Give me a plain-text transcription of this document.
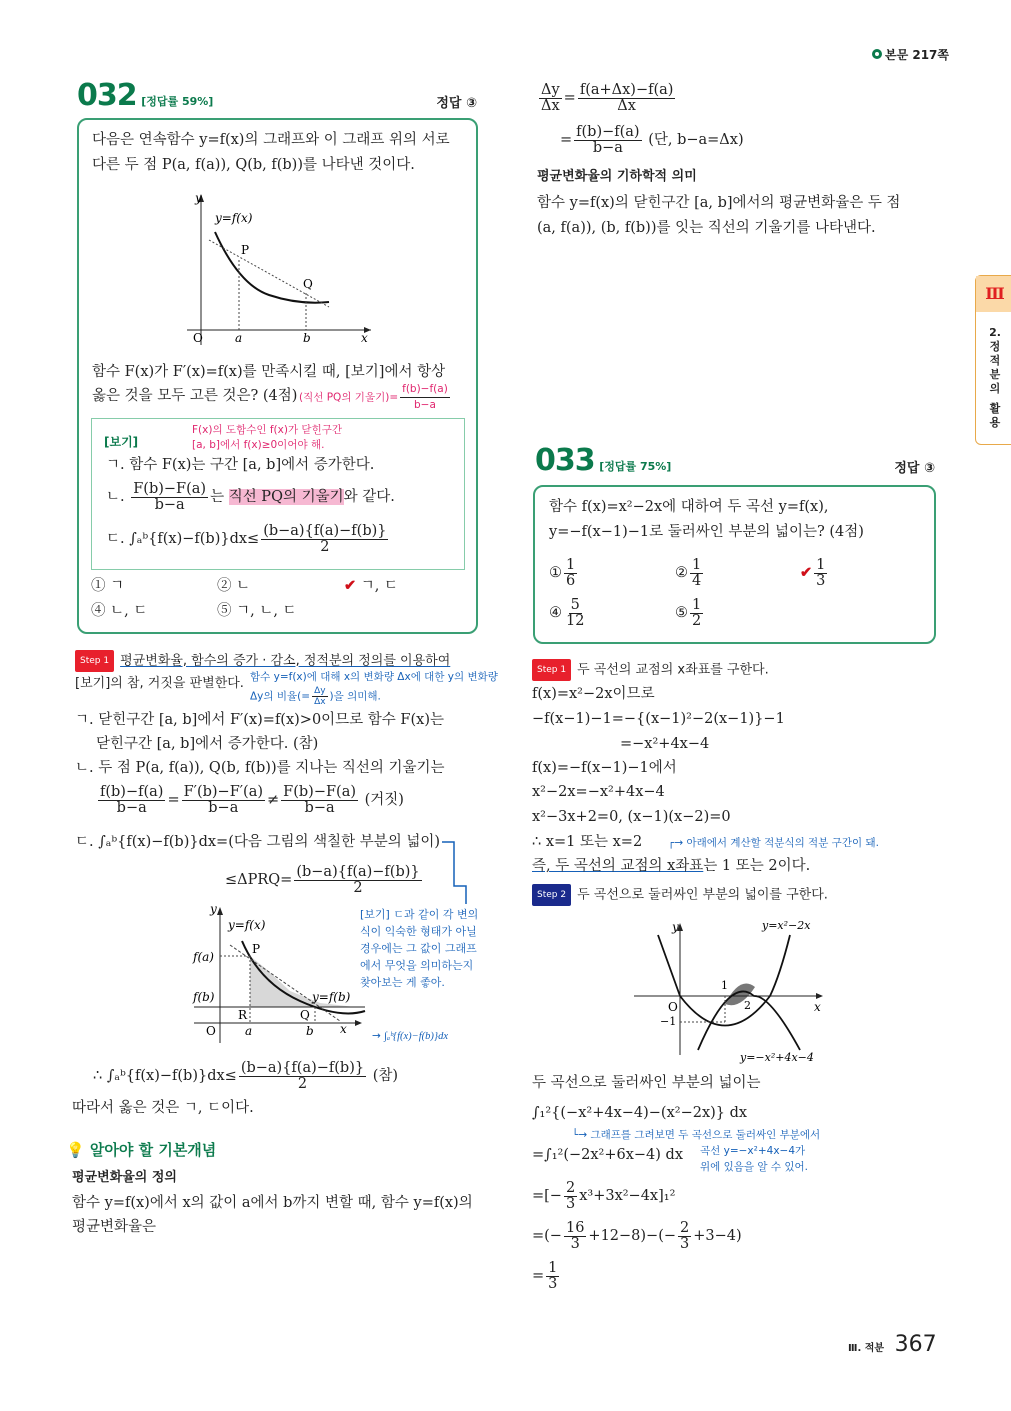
본문 217쪽
Ⅲ
2.
정
적
분
의
활
용
032 [정답률 59%]	정답 ③
다음은 연속함수 y=f(x)의 그래프와 이 그래프 위의 서로
다른 두 점 P(a, f(a)), Q(b, f(b))를 나타낸 것이다.
y
x
O	a	b
y=f(x)
P
Q
함수 F(x)가 F′(x)=f(x)를 만족시킬 때, [보기]에서 항상
옳은 것을 모두 고른 것은? (4점) (직선 PQ의 기울기)= $\frac{f(b)-f(a)}{b-a}$
[보기]
F(x)의 도함수인 f(x)가 닫힌구간
[a, b]에서 f(x)≥0이어야 해.
ㄱ. 함수 F(x)는 구간 [a, b]에서 증가한다.
ㄴ. $\frac{F(b)-F(a)}{b-a}$ 는 직선 PQ의 기울기와 같다.
ㄷ. ∫ₐᵇ{f(x)−f(b)}dx≤ $\frac{(b-a)\{f(a)-f(b)\}}{2}$
① ㄱ	② ㄴ	✔ ㄱ, ㄷ
④ ㄴ, ㄷ	⑤ ㄱ, ㄴ, ㄷ
Step 1 평균변화율, 함수의 증가 · 감소, 정적분의 정의를 이용하여
[보기]의 참, 거짓을 판별한다. 함수 y=f(x)에 대해 x의 변화량 Δx에 대한 y의 변화량
Δy의 비율(= $\frac{\Delta y}{\Delta x}$ )을 의미해.
ㄱ. 닫힌구간 [a, b]에서 F′(x)=f(x)>0이므로 함수 F(x)는
닫힌구간 [a, b]에서 증가한다. (참)
ㄴ. 두 점 P(a, f(a)), Q(b, f(b))를 지나는 직선의 기울기는
$\frac{f(b)-f(a)}{b-a} = \frac{F'(b)-F'(a)}{b-a} \ne \frac{F(b)-F(a)}{b-a}$ (거짓)
ㄷ. ∫ₐᵇ{f(x)−f(b)}dx=(다음 그림의 색칠한 부분의 넓이)
$\le\Delta PRQ= \frac{(b-a)\{f(a)-f(b)\}}{2}$
y
x
O a	b
f(a)
f(b)
y=f(x)
y=f(b)
P
Q
R
[보기] ㄷ과 같이 각 변의
식이 익숙한 형태가 아닐
경우에는 그 값이 그래프
에서 무엇을 의미하는지
찾아보는 게 좋아.
→ ∫ₐᵇ{f(x)−f(b)}dx
∴ ∫ₐᵇ{f(x)−f(b)}dx≤ $\frac{(b-a)\{f(a)-f(b)\}}{2}$ (참)
따라서 옳은 것은 ㄱ, ㄷ이다.
💡 알아야 할 기본개념
평균변화율의 정의
함수 y=f(x)에서 x의 값이 a에서 b까지 변할 때, 함수 y=f(x)의
평균변화율은
$\frac{\Delta y}{\Delta x} = \frac{f(a+\Delta x)-f(a)}{\Delta x}$
= $\frac{f(b)-f(a)}{b-a}$ (단, b−a=Δx)
평균변화율의 기하학적 의미
함수 y=f(x)의 닫힌구간 [a, b]에서의 평균변화율은 두 점
(a, f(a)), (b, f(b))를 잇는 직선의 기울기를 나타낸다.
033 [정답률 75%]	정답 ③
함수 f(x)=x²−2x에 대하여 두 곡선 y=f(x),
y=−f(x−1)−1로 둘러싸인 부분의 넓이는? (4점)
① $\frac{1}{6}$	② $\frac{1}{4}$	✔ $\frac{1}{3}$
④ $\frac{5}{12}$	⑤ $\frac{1}{2}$
Step 1 두 곡선의 교점의 x좌표를 구한다.
f(x)=x²−2x이므로
−f(x−1)−1=−{(x−1)²−2(x−1)}−1
=−x²+4x−4
f(x)=−f(x−1)−1에서
x²−2x=−x²+4x−4
x²−3x+2=0, (x−1)(x−2)=0
∴ x=1 또는 x=2 ┌→ 아래에서 계산할 적분식의 적분 구간이 돼.
즉, 두 곡선의 교점의 x좌표는 1 또는 2이다.
Step 2 두 곡선으로 둘러싸인 부분의 넓이를 구한다.
y
x
O
1
2
−1
y=x²−2x
y=−x²+4x−4
두 곡선으로 둘러싸인 부분의 넓이는
∫₁²{(−x²+4x−4)−(x²−2x)} dx
└→ 그래프를 그려보면 두 곡선으로 둘러싸인 부분에서
곡선 y=−x²+4x−4가
위에 있음을 알 수 있어.
=∫₁²(−2x²+6x−4) dx
=[− $\frac{2}{3} x^3+3x^2-4x]_1^2$
=(− $\frac{16}{3} +12-8)-(- \frac{2}{3} +3-4)$
= $\frac{1}{3}$
Ⅲ. 적분 367
